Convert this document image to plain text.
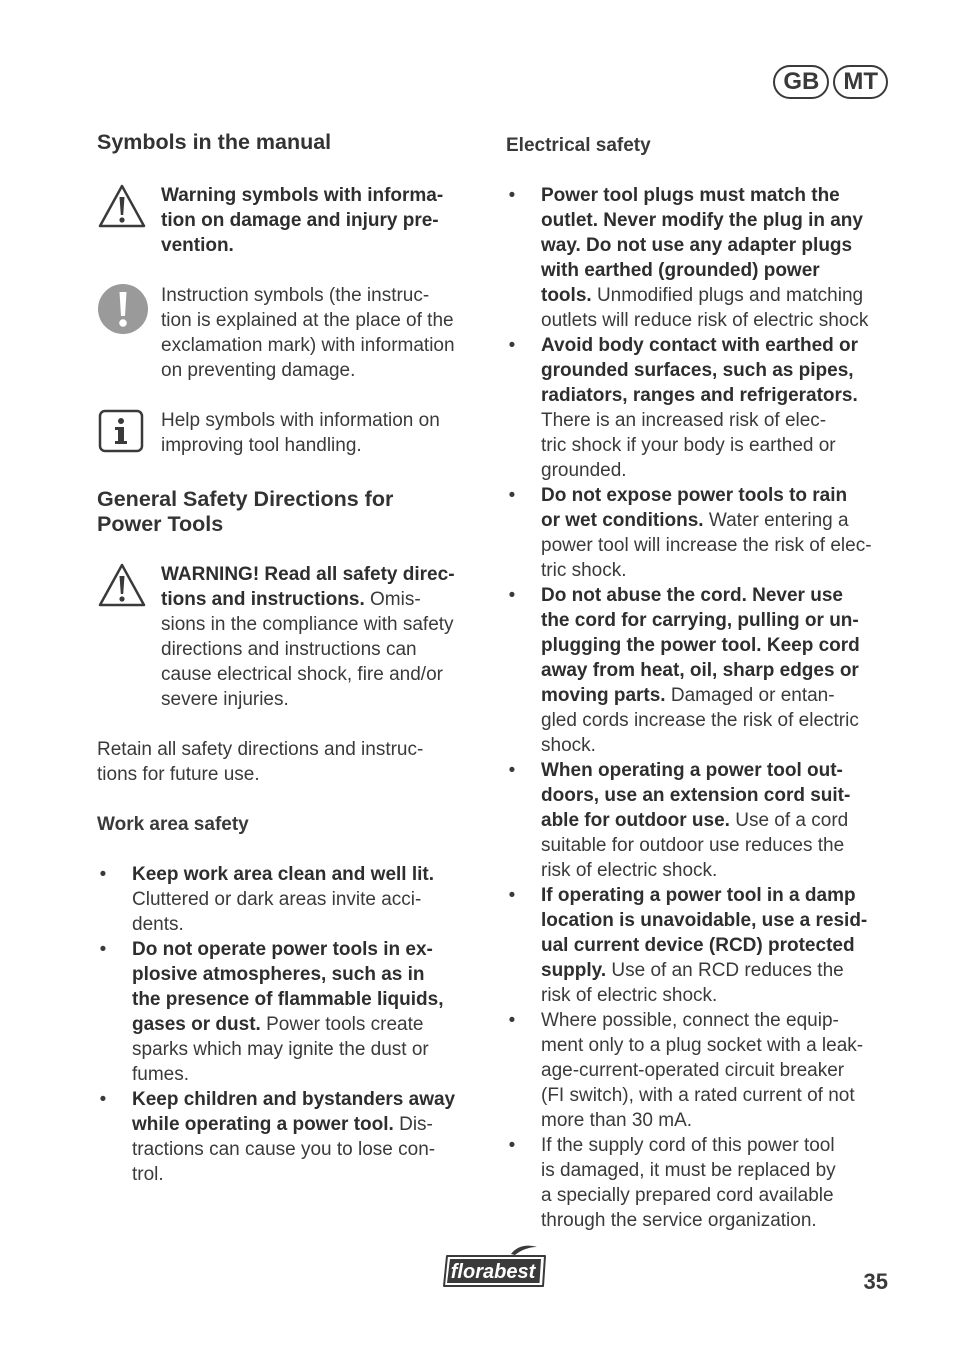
GB	MT
Symbols in the manual
Warning symbols with informa-
tion on damage and injury pre-
vention.
Instruction symbols (the instruc-
tion is explained at the place of the
exclamation mark) with information
on preventing damage.
Help symbols with information on
improving tool handling.
General Safety Directions for
Power Tools
WARNING! Read all safety direc-
tions and instructions. Omis-
sions in the compliance with safety
directions and instructions can
cause electrical shock, fire and/or
severe injuries.

Retain all safety directions and instruc-
tions for future use.

Work area safety
• Keep work area clean and well lit.
Cluttered or dark areas invite acci-
dents.
• Do not operate power tools in ex-
plosive atmospheres, such as in
the presence of flammable liquids,
gases or dust. Power tools create
sparks which may ignite the dust or
fumes.
• Keep children and bystanders away
while operating a power tool. Dis-
tractions can cause you to lose con-
trol.
Electrical safety
• Power tool plugs must match the
outlet. Never modify the plug in any
way. Do not use any adapter plugs
with earthed (grounded) power
tools. Unmodified plugs and matching
outlets will reduce risk of electric shock
• Avoid body contact with earthed or
grounded surfaces, such as pipes,
radiators, ranges and refrigerators.
There is an increased risk of elec-
tric shock if your body is earthed or
grounded.
• Do not expose power tools to rain
or wet conditions. Water entering a
power tool will increase the risk of elec-
tric shock.
• Do not abuse the cord. Never use
the cord for carrying, pulling or un-
plugging the power tool. Keep cord
away from heat, oil, sharp edges or
moving parts. Damaged or entan-
gled cords increase the risk of electric
shock.
• When operating a power tool out-
doors, use an extension cord suit-
able for outdoor use. Use of a cord
suitable for outdoor use reduces the
risk of electric shock.
• If operating a power tool in a damp
location is unavoidable, use a resid-
ual current device (RCD) protected
supply. Use of an RCD reduces the
risk of electric shock.
• Where possible, connect the equip-
ment only to a plug socket with a leak-
age-current-operated circuit breaker
(FI switch), with a rated current of not
more than 30 mA.
• If the supply cord of this power tool
is damaged, it must be replaced by
a specially prepared cord available
through the service organization.
florabest	35
